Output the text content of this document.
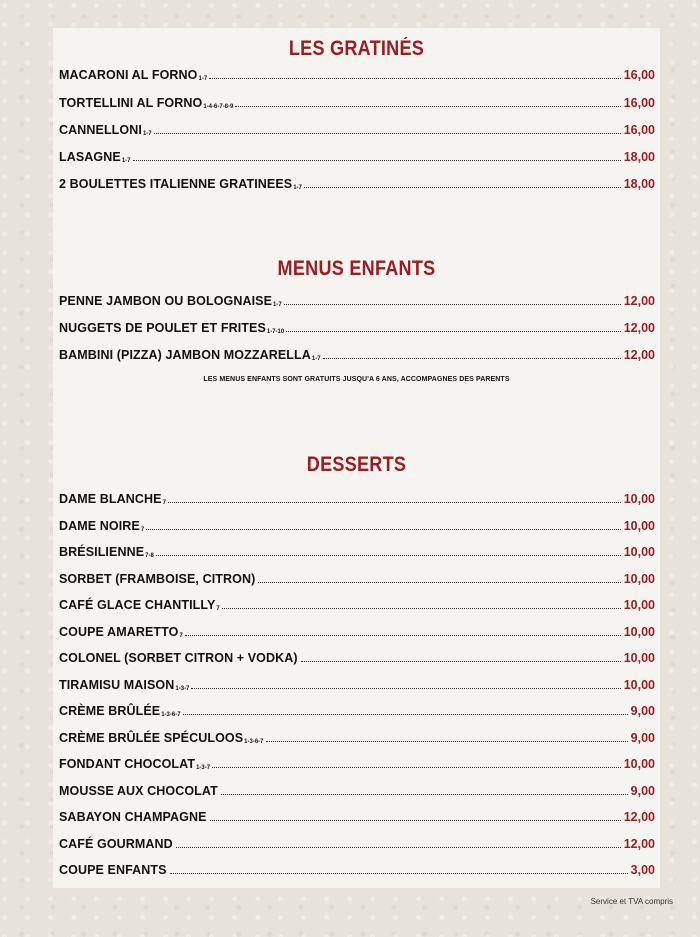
LES GRATINÉS
MACARONI AL $FORNO_{1-7}$	16,00
TORTELLINI AL $FORNO_{1-4-6-7-8-9}$	16,00
$CANNELLONI_{1-7}$	16,00
$LASAGNE_{1-7}$	18,00
2 BOULETTES ITALIENNE $GRATINEES_{1-7}$	18,00
MENUS ENFANTS
PENNE JAMBON OU $BOLOGNAISE_{1-7}$	12,00
NUGGETS DE POULET ET $FRITES_{1-7-10}$	12,00
BAMBINI (PIZZA) JAMBON $MOZZARELLA_{1-7}$	12,00
LES MENUS ENFANTS SONT GRATUITS JUSQU'A 6 ANS, ACCOMPAGNES DES PARENTS
DESSERTS
DAME $BLANCHE_7$	10,00
DAME $NOIRE_7$	10,00
$BRÉSILIENNE_{7-8}$	10,00
SORBET (FRAMBOISE, CITRON)	10,00
CAFÉ GLACE $CHANTILLY_7$	10,00
COUPE $AMARETTO_7$	10,00
COLONEL (SORBET CITRON + VODKA)	10,00
TIRAMISU $MAISON_{1-3-7}$	10,00
CRÈME $BRÛLÉE_{1-3-6-7}$	9,00
CRÈME BRÛLÉE $SPÉCULOOS_{1-3-6-7}$	9,00
FONDANT $CHOCOLAT_{1-3-7}$	10,00
MOUSSE AUX CHOCOLAT	9,00
SABAYON CHAMPAGNE	12,00
CAFÉ GOURMAND	12,00
COUPE ENFANTS	3,00
Service et TVA compris
